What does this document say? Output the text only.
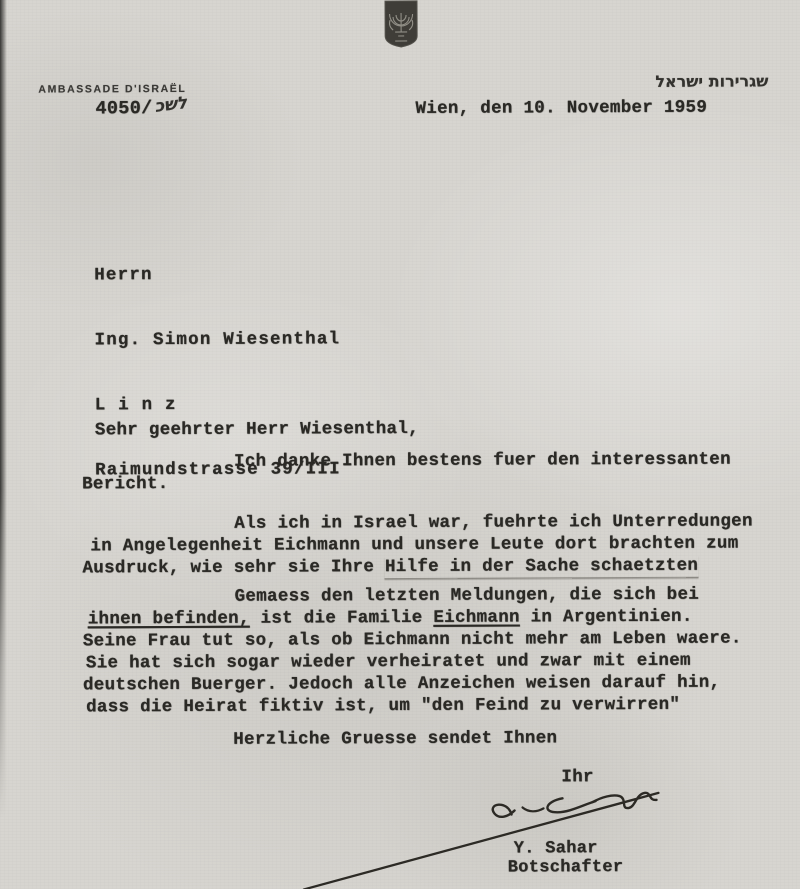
AMBASSADE D'ISRAËL	שגרירות ישראל
4050/ לשכ	Wien, den 10. November 1959

Herrn

Ing. Simon Wiesenthal

L i n z

Raimundstrasse 39/III

Sehr geehrter Herr Wiesenthal,
Ich danke Ihnen bestens fuer den interessanten
Bericht.
Als ich in Israel war, fuehrte ich Unterredungen
in Angelegenheit Eichmann und unsere Leute dort brachten zum
Ausdruck, wie sehr sie Ihre Hilfe in der Sache schaetzten
Gemaess den letzten Meldungen, die sich bei
ihnen befinden, ist die Familie Eichmann in Argentinien.
Seine Frau tut so, als ob Eichmann nicht mehr am Leben waere.
Sie hat sich sogar wieder verheiratet und zwar mit einem
deutschen Buerger. Jedoch alle Anzeichen weisen darauf hin,
dass die Heirat fiktiv ist, um "den Feind zu verwirren"
Herzliche Gruesse sendet Ihnen
Ihr
Y. Sahar
Botschafter
